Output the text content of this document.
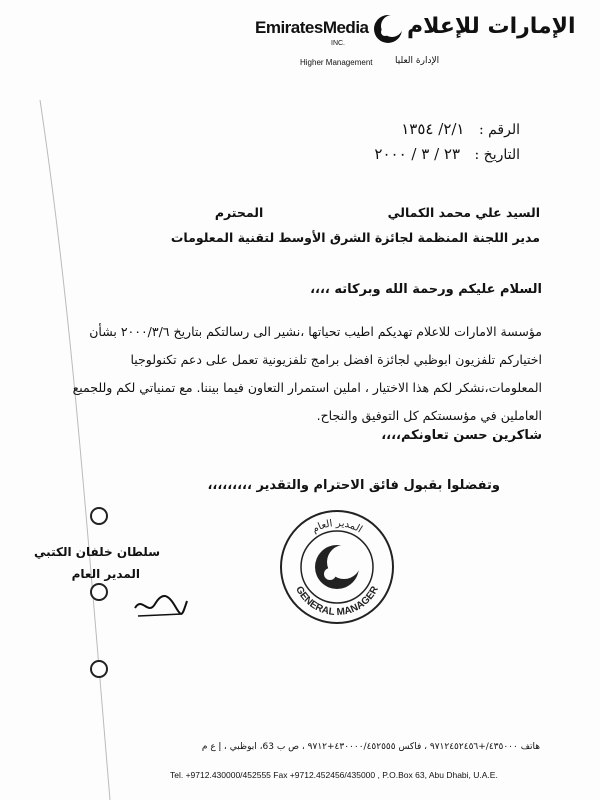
EmiratesMedia
INC.
الإمارات للإعلام
Higher Management	الإدارة العليا
الرقم : ٢/١/ ١٣٥٤
التاريخ : ٢٣ / ٣ / ٢٠٠٠
السيد علي محمد الكمالي المحترم
مدير اللجنة المنظمة لجائزة الشرق الأوسط لتقنية المعلومات
السلام عليكم ورحمة الله وبركاته ،،،،
مؤسسة الامارات للاعلام تهديكم اطيب تحياتها ،نشير الى رسالتكم بتاريخ ٢٠٠٠/٣/٦ بشأن اختياركم تلفزيون ابوظبي لجائزة افضل برامج تلفزيونية تعمل على دعم تكنولوجيا المعلومات،نشكر لكم هذا الاختيار ، املين استمرار التعاون فيما بيننا. مع تمنياتي لكم وللجميع العاملين في مؤسستكم كل التوفيق والنجاح.
شاكرين حسن تعاونكم،،،،
وتفضلوا بقبول فائق الاحترام والتقدير ،،،،،،،،،
المدير العام
GENERAL MANAGER
سلطان خلفان الكتبي
المدير العام
هاتف ٤٣٥٠٠٠/+٩٧١٢٤٥٢٤٥٦ ، فاكس ٤٣٠٠٠٠/٤٥٢٥٥٥+٩٧١٢ ، ص ب 63، ابوظبي ، إ ع م
Tel. +9712.430000/452555 Fax +9712.452456/435000 , P.O.Box 63, Abu Dhabi, U.A.E.
